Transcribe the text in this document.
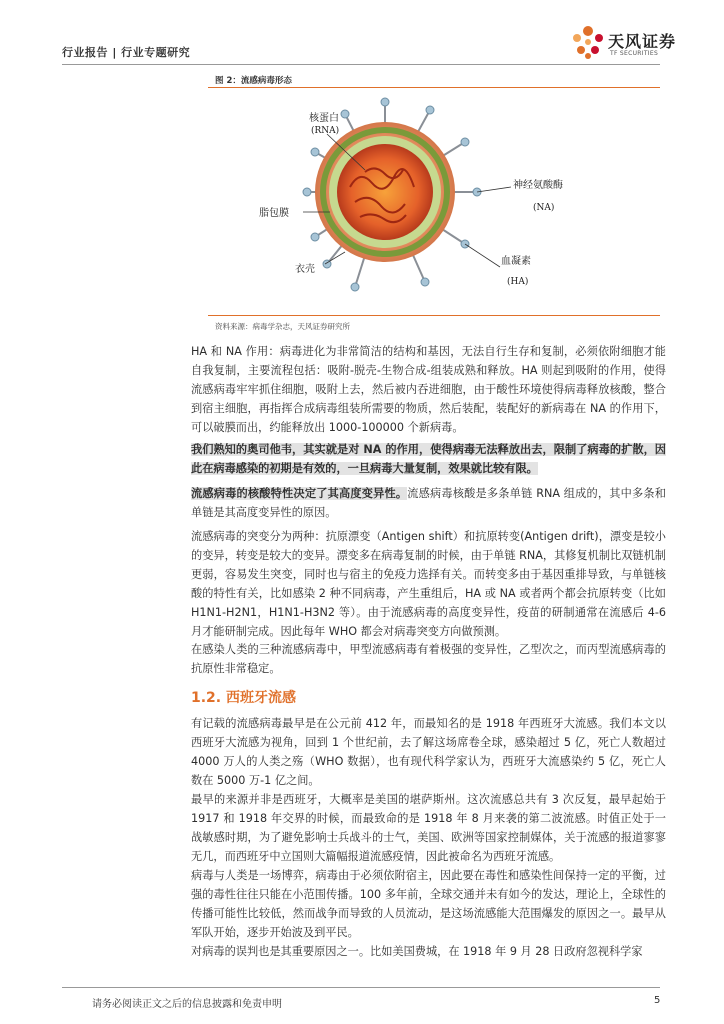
行业报告 | 行业专题研究
天风证券
TF SECURITIES
图 2：流感病毒形态
核蛋白
(RNA)
脂包膜
衣壳
神经氨酸酶
(NA)
血凝素
(HA)
资料来源：病毒学杂志，天风证券研究所

HA 和 NA 作用：病毒进化为非常简洁的结构和基因，无法自行生存和复制，必须依附细胞才能自我复制，主要流程包括：吸附-脱壳-生物合成-组装成熟和释放。HA 则起到吸附的作用，使得流感病毒牢牢抓住细胞，吸附上去，然后被内吞进细胞，由于酸性环境使得病毒释放核酸，整合到宿主细胞，再指挥合成病毒组装所需要的物质，然后装配，装配好的新病毒在 NA 的作用下，可以破膜而出，约能释放出 1000-100000 个新病毒。

我们熟知的奥司他韦，其实就是对 NA 的作用，使得病毒无法释放出去，限制了病毒的扩散，因此在病毒感染的初期是有效的，一旦病毒大量复制，效果就比较有限。

流感病毒的核酸特性决定了其高度变异性。流感病毒核酸是多条单链 RNA 组成的，其中多条和单链是其高度变异性的原因。

流感病毒的突变分为两种：抗原漂变（Antigen shift）和抗原转变(Antigen drift)，漂变是较小的变异，转变是较大的变异。漂变多在病毒复制的时候，由于单链 RNA，其修复机制比双链机制更弱，容易发生突变，同时也与宿主的免疫力选择有关。而转变多由于基因重排导致，与单链核酸的特性有关，比如感染 2 种不同病毒，产生重组后，HA 或 NA 或者两个都会抗原转变（比如 H1N1-H2N1，H1N1-H3N2 等）。由于流感病毒的高度变异性，疫苗的研制通常在流感后 4-6 月才能研制完成。因此每年 WHO 都会对病毒突变方向做预测。

在感染人类的三种流感病毒中，甲型流感病毒有着极强的变异性，乙型次之，而丙型流感病毒的抗原性非常稳定。

1.2. 西班牙流感

有记载的流感病毒最早是在公元前 412 年，而最知名的是 1918 年西班牙大流感。我们本文以西班牙大流感为视角，回到 1 个世纪前，去了解这场席卷全球，感染超过 5 亿，死亡人数超过 4000 万人的人类之殇（WHO 数据），也有现代科学家认为，西班牙大流感染约 5 亿，死亡人数在 5000 万-1 亿之间。

最早的来源并非是西班牙，大概率是美国的堪萨斯州。这次流感总共有 3 次反复，最早起始于 1917 和 1918 年交界的时候，而最致命的是 1918 年 8 月来袭的第二波流感。时值正处于一战敏感时期，为了避免影响士兵战斗的士气，美国、欧洲等国家控制媒体，关于流感的报道寥寥无几，而西班牙中立国则大篇幅报道流感疫情，因此被命名为西班牙流感。

病毒与人类是一场博弈，病毒由于必须依附宿主，因此要在毒性和感染性间保持一定的平衡，过强的毒性往往只能在小范围传播。100 多年前，全球交通并未有如今的发达，理论上，全球性的传播可能性比较低，然而战争而导致的人员流动，是这场流感能大范围爆发的原因之一。最早从军队开始，逐步开始波及到平民。

对病毒的误判也是其重要原因之一。比如美国费城，在 1918 年 9 月 28 日政府忽视科学家

请务必阅读正文之后的信息披露和免责申明	5
